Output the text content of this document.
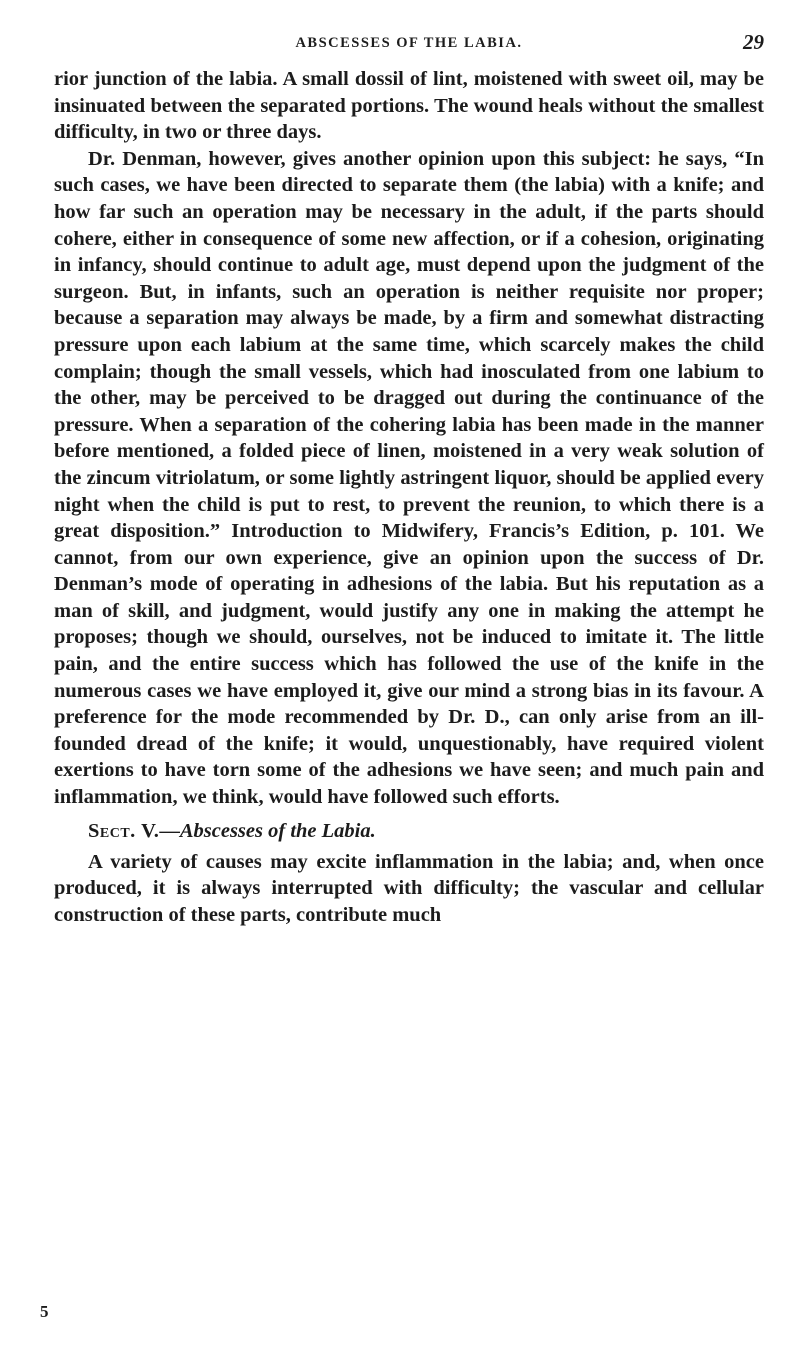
ABSCESSES OF THE LABIA.	29

rior junction of the labia. A small dossil of lint, moistened with sweet oil, may be insinuated between the separated portions. The wound heals without the smallest difficulty, in two or three days.

Dr. Denman, however, gives another opinion upon this subject: he says, “In such cases, we have been directed to separate them (the labia) with a knife; and how far such an operation may be necessary in the adult, if the parts should cohere, either in consequence of some new affection, or if a cohesion, originating in infancy, should continue to adult age, must depend upon the judgment of the surgeon. But, in infants, such an operation is neither requisite nor proper; because a separation may always be made, by a firm and somewhat distracting pressure upon each labium at the same time, which scarcely makes the child complain; though the small vessels, which had inosculated from one labium to the other, may be perceived to be dragged out during the continuance of the pressure. When a separation of the cohering labia has been made in the manner before mentioned, a folded piece of linen, moistened in a very weak solution of the zincum vitriolatum, or some lightly astringent liquor, should be applied every night when the child is put to rest, to prevent the reunion, to which there is a great disposition.” Introduction to Midwifery, Francis’s Edition, p. 101. We cannot, from our own experience, give an opinion upon the success of Dr. Denman’s mode of operating in adhesions of the labia. But his reputation as a man of skill, and judgment, would justify any one in making the attempt he proposes; though we should, ourselves, not be induced to imitate it. The little pain, and the entire success which has followed the use of the knife in the numerous cases we have employed it, give our mind a strong bias in its favour. A preference for the mode recommended by Dr. D., can only arise from an ill-founded dread of the knife; it would, unquestionably, have required violent exertions to have torn some of the adhesions we have seen; and much pain and inflammation, we think, would have followed such efforts.

Sect. V.—Abscesses of the Labia.

A variety of causes may excite inflammation in the labia; and, when once produced, it is always interrupted with difficulty; the vascular and cellular construction of these parts, contribute much

5
